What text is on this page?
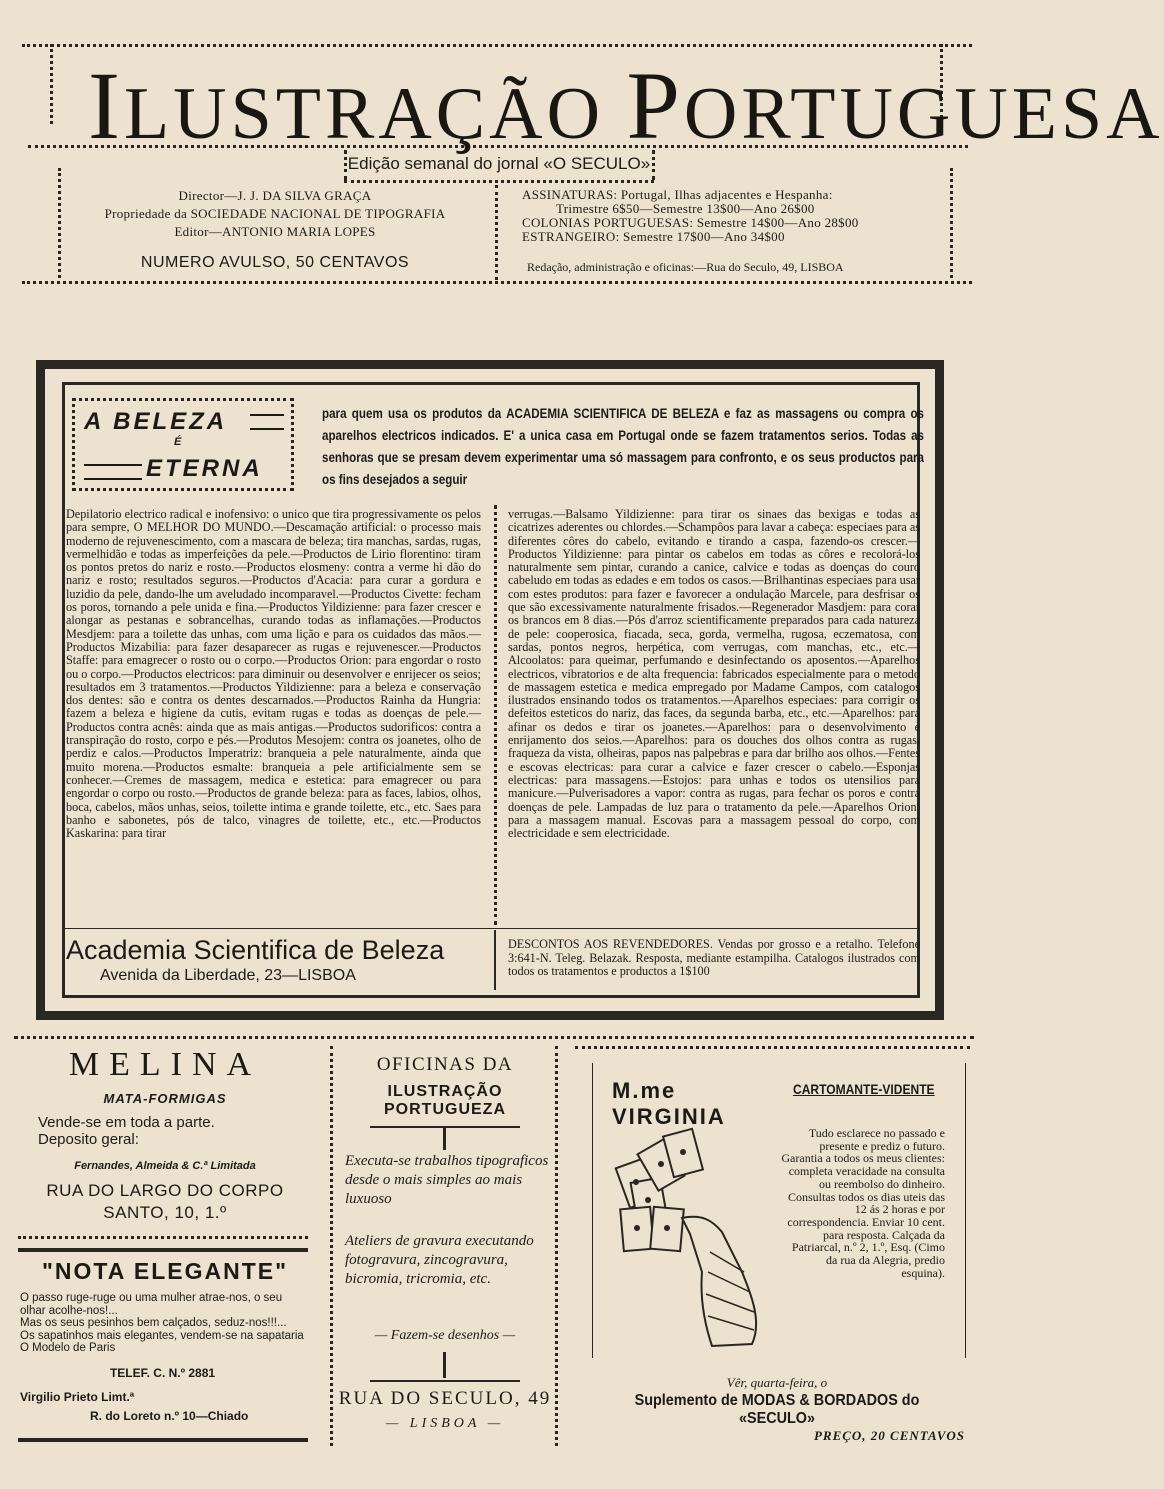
ILUSTRAÇÃO PORTUGUESA
Edição semanal do jornal «O SECULO»
Director—J. J. DA SILVA GRAÇA
Propriedade da SOCIEDADE NACIONAL DE TIPOGRAFIA
Editor—ANTONIO MARIA LOPES
NUMERO AVULSO, 50 CENTAVOS
ASSINATURAS: Portugal, Ilhas adjacentes e Hespanha:
Trimestre 6$50—Semestre 13$00—Ano 26$00
COLONIAS PORTUGUESAS: Semestre 14$00—Ano 28$00
ESTRANGEIRO: Semestre 17$00—Ano 34$00
Redação, administração e oficinas:—Rua do Seculo, 49, LISBOA
A BELEZA
É
ETERNA
para quem usa os produtos da ACADEMIA SCIENTIFICA DE BELEZA e faz as massagens ou compra os aparelhos electricos indicados. E' a unica casa em Portugal onde se fazem tratamentos serios. Todas as senhoras que se presam devem experimentar uma só massagem para confronto, e os seus productos para os fins desejados a seguir
Depilatorio electrico radical e inofensivo: o unico que tira progressivamente os pelos para sempre, O MELHOR DO MUNDO.—Descamação artificial: o processo mais moderno de rejuvenescimento, com a mascara de beleza; tira manchas, sardas, rugas, vermelhidão e todas as imperfeições da pele.—Productos de Lirio florentino: tiram os pontos pretos do nariz e rosto.—Productos elosmeny: contra a verme hi dão do nariz e rosto; resultados seguros.—Productos d'Acacia: para curar a gordura e luzidio da pele, dando-lhe um aveludado incomparavel.—Productos Civette: fecham os poros, tornando a pele unida e fina.—Productos Yildizienne: para fazer crescer e alongar as pestanas e sobrancelhas, curando todas as inflamações.—Productos Mesdjem: para a toilette das unhas, com uma lição e para os cuidados das mãos.—Productos Mizabilia: para fazer desaparecer as rugas e rejuvenescer.—Productos Staffe: para emagrecer o rosto ou o corpo.—Productos Orion: para engordar o rosto ou o corpo.—Productos electricos: para diminuir ou desenvolver e enrijecer os seios; resultados em 3 tratamentos.—Productos Yildizienne: para a beleza e conservação dos dentes: são e contra os dentes descarnados.—Productos Rainha da Hungria: fazem a beleza e higiene da cutis, evitam rugas e todas as doenças de pele.—Productos contra acnês: ainda que as mais antigas.—Productos sudorificos: contra a transpiração do rosto, corpo e pés.—Produtos Mesojem: contra os joanetes, olho de perdiz e calos.—Productos Imperatriz: branqueia a pele naturalmente, ainda que muito morena.—Productos esmalte: branqueia a pele artificialmente sem se conhecer.—Cremes de massagem, medica e estetica: para emagrecer ou para engordar o corpo ou rosto.—Productos de grande beleza: para as faces, labios, olhos, boca, cabelos, mãos unhas, seios, toilette intima e grande toilette, etc., etc. Saes para banho e sabonetes, pós de talco, vinagres de toilette, etc., etc.—Productos Kaskarina: para tirar
verrugas.—Balsamo Yildizienne: para tirar os sinaes das bexigas e todas as cicatrizes aderentes ou chlordes.—Schampôos para lavar a cabeça: especiaes para as diferentes côres do cabelo, evitando e tirando a caspa, fazendo-os crescer.—Productos Yildizienne: para pintar os cabelos em todas as côres e recolorá-los naturalmente sem pintar, curando a canice, calvice e todas as doenças do couro cabeludo em todas as edades e em todos os casos.—Brilhantinas especiaes para usar com estes produtos: para fazer e favorecer a ondulação Marcele, para desfrisar os que são excessivamente naturalmente frisados.—Regenerador Masdjem: para corar os brancos em 8 dias.—Pós d'arroz scientificamente preparados para cada natureza de pele: cooperosica, fiacada, seca, gorda, vermelha, rugosa, eczematosa, com sardas, pontos negros, herpética, com verrugas, com manchas, etc., etc.—Alcoolatos: para queimar, perfumando e desinfectando os aposentos.—Aparelhos electricos, vibratorios e de alta frequencia: fabricados especialmente para o metodo de massagem estetica e medica empregado por Madame Campos, com catalogos ilustrados ensinando todos os tratamentos.—Aparelhos especiaes: para corrigir os defeitos esteticos do nariz, das faces, da segunda barba, etc., etc.—Aparelhos: para afinar os dedos e tirar os joanetes.—Aparelhos: para o desenvolvimento e enrijamento dos seios.—Aparelhos: para os douches dos olhos contra as rugas, fraqueza da vista, olheiras, papos nas palpebras e para dar brilho aos olhos.—Fentes e escovas electricas: para curar a calvice e fazer crescer o cabelo.—Esponjas electricas: para massagens.—Estojos: para unhas e todos os utensilios para manicure.—Pulverisadores a vapor: contra as rugas, para fechar os poros e contra doenças de pele. Lampadas de luz para o tratamento da pele.—Aparelhos Orion: para a massagem manual. Escovas para a massagem pessoal do corpo, com electricidade e sem electricidade.
Academia Scientifica de Beleza
Avenida da Liberdade, 23—LISBOA
DESCONTOS AOS REVENDEDORES. Vendas por grosso e a retalho. Telefone 3:641-N. Teleg. Belazak. Resposta, mediante estampilha. Catalogos ilustrados com todos os tratamentos e productos a 1$100
MELINA
MATA-FORMIGAS
Vende-se em toda a parte.
Deposito geral:
Fernandes, Almeida & C.ª Limitada
RUA DO LARGO DO CORPO
SANTO, 10, 1.º
"NOTA ELEGANTE"
O passo ruge-ruge ou uma mulher atrae-nos, o seu olhar acolhe-nos!...
Mas os seus pesinhos bem calçados, seduz-nos!!!...
Os sapatinhos mais elegantes, vendem-se na sapataria O Modelo de Paris
TELEF. C. N.º 2881
Virgilio Prieto Limt.ª
R. do Loreto n.º 10—Chiado
OFICINAS DA
ILUSTRAÇÃO PORTUGUEZA
Executa-se trabalhos tipograficos desde o mais simples ao mais luxuoso
Ateliers de gravura executando fotogravura, zincogravura, bicromia, tricromia, etc.
— Fazem-se desenhos —
RUA DO SECULO, 49
— LISBOA —
M.me VIRGINIA
CARTOMANTE-VIDENTE
Tudo esclarece no passado e presente e prediz o futuro. Garantia a todos os meus clientes: completa veracidade na consulta ou reembolso do dinheiro. Consultas todos os dias uteis das 12 ás 2 horas e por correspondencia. Enviar 10 cent. para resposta. Calçada da Patriarcal, n.º 2, 1.º, Esq. (Cimo da rua da Alegria, predio esquina).
Vêr, quarta-feira, o
Suplemento de MODAS & BORDADOS do «SECULO»
PREÇO, 20 CENTAVOS
